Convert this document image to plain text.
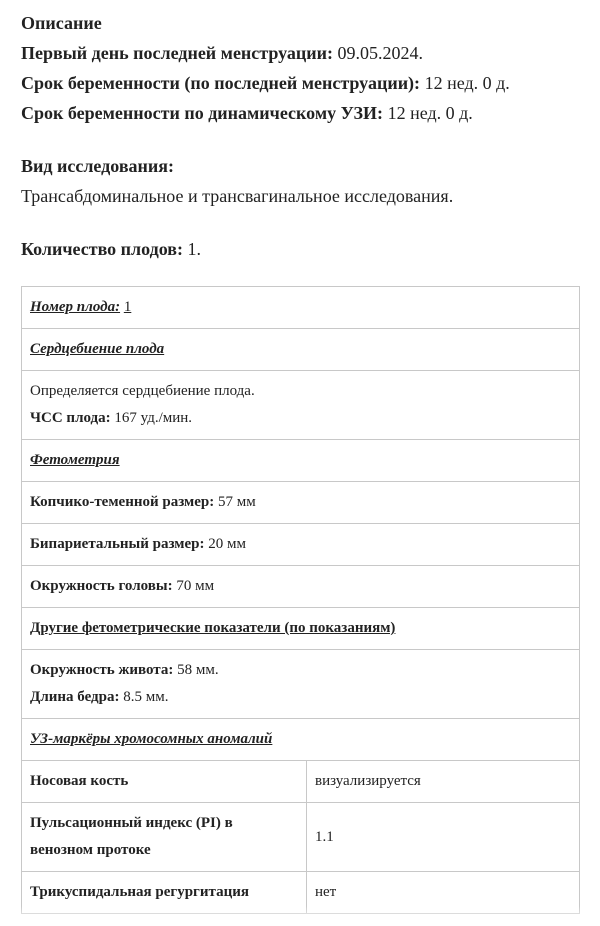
Описание
Первый день последней менструации: 09.05.2024.
Срок беременности (по последней менструации): 12 нед. 0 д.
Срок беременности по динамическому УЗИ: 12 нед. 0 д.
Вид исследования:
Трансабдоминальное и трансвагинальное исследования.
Количество плодов: 1.
Номер плода: 1	
Сердцебиение плода	

Определяется сердцебиение плода.
ЧСС плода: 167 уд./мин.	

Фетометрия	
Копчико-теменной размер: 57 мм	
Бипариетальный размер: 20 мм	
Окружность головы: 70 мм	
Другие фетометрические показатели (по показаниям)	

Окружность живота: 58 мм.
Длина бедра: 8.5 мм.	

УЗ-маркёры хромосомных аномалий	
Носовая кость	визуализируется
Пульсационный индекс (PI) в венозном протоке	1.1
Трикуспидальная регургитация	нет
